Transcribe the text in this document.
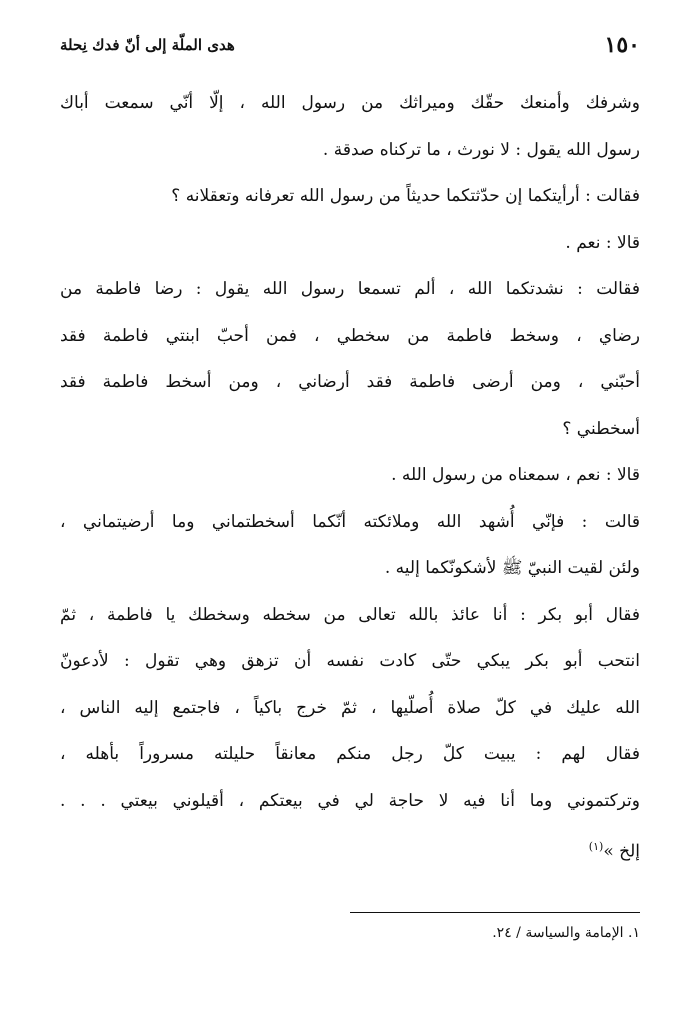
١٥٠
هدى الملّة إلى أنّ فدك نِحلة
وشرفك وأمنعك حقّك وميراثك من رسول الله ، إلّا أنّي سمعت أباك
رسول الله يقول : لا نورث ، ما تركناه صدقة .
فقالت : أرأيتكما إن حدّثتكما حديثاً من رسول الله تعرفانه وتعقلانه ؟
قالا : نعم .
فقالت : نشدتكما الله ، ألم تسمعا رسول الله يقول : رضا فاطمة من
رضاي ، وسخط فاطمة من سخطي ، فمن أحبّ ابنتي فاطمة فقد
أحبّني ، ومن أرضى فاطمة فقد أرضاني ، ومن أسخط فاطمة فقد
أسخطني ؟
قالا : نعم ، سمعناه من رسول الله .
قالت : فإنّي أُشهد الله وملائكته أنّكما أسخطتماني وما أرضيتماني ،
ولئن لقيت النبيّ ﷺ لأشكونّكما إليه .
فقال أبو بكر : أنا عائذ بالله تعالى من سخطه وسخطك يا فاطمة ، ثمّ
انتحب أبو بكر يبكي حتّى كادت نفسه أن تزهق وهي تقول : لأدعونّ
الله عليك في كلّ صلاة أُصلّيها ، ثمّ خرج باكياً ، فاجتمع إليه الناس ،
فقال لهم : يبيت كلّ رجل منكم معانقاً حليلته مسروراً بأهله ،
وتركتموني وما أنا فيه لا حاجة لي في بيعتكم ، أقيلوني بيعتي . . .
إلخ »$^{(١)}$
١. الإمامة والسياسة / ٢٤.
